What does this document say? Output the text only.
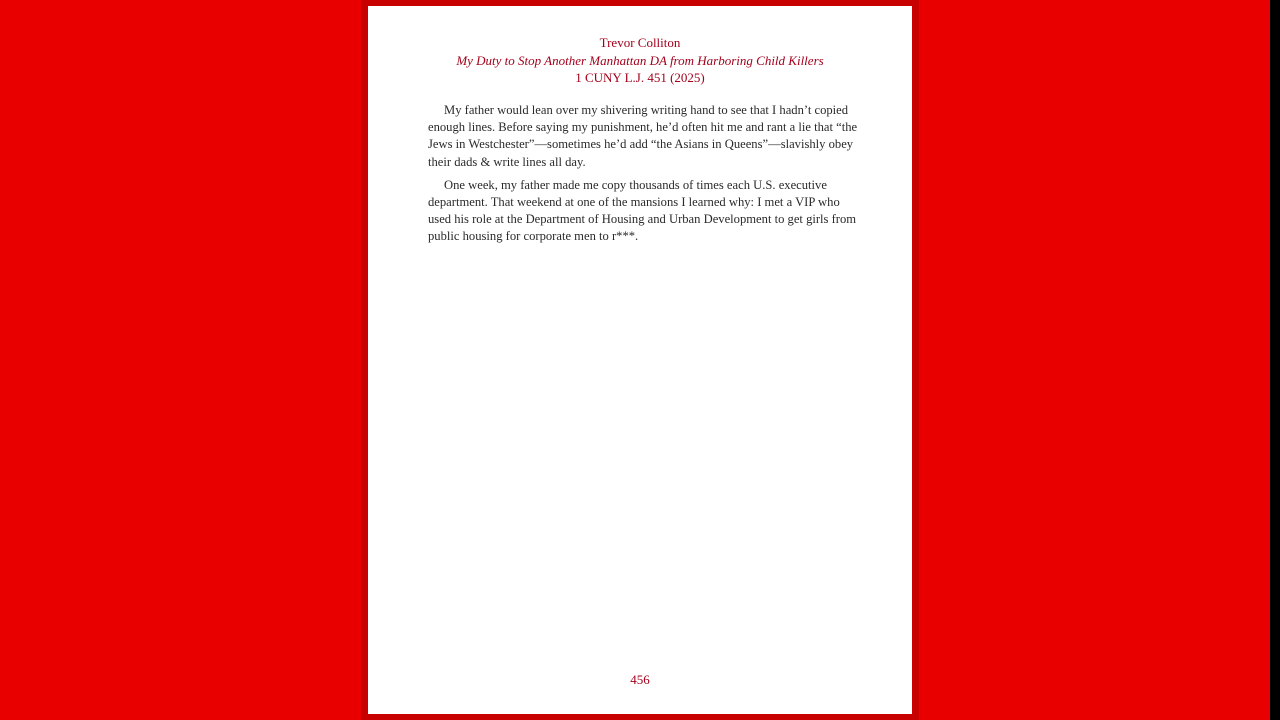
Trevor Colliton
My Duty to Stop Another Manhattan DA from Harboring Child Killers
1 CUNY L.J. 451 (2025)

My father would lean over my shivering writing hand to see that I hadn’t copied enough lines. Before saying my punishment, he’d often hit me and rant a lie that “the Jews in Westchester”—sometimes he’d add “the Asians in Queens”—slavishly obey their dads & write lines all day.

One week, my father made me copy thousands of times each U.S. executive department. That weekend at one of the mansions I learned why: I met a VIP who used his role at the Department of Housing and Urban Development to get girls from public housing for corporate men to r***.

456
